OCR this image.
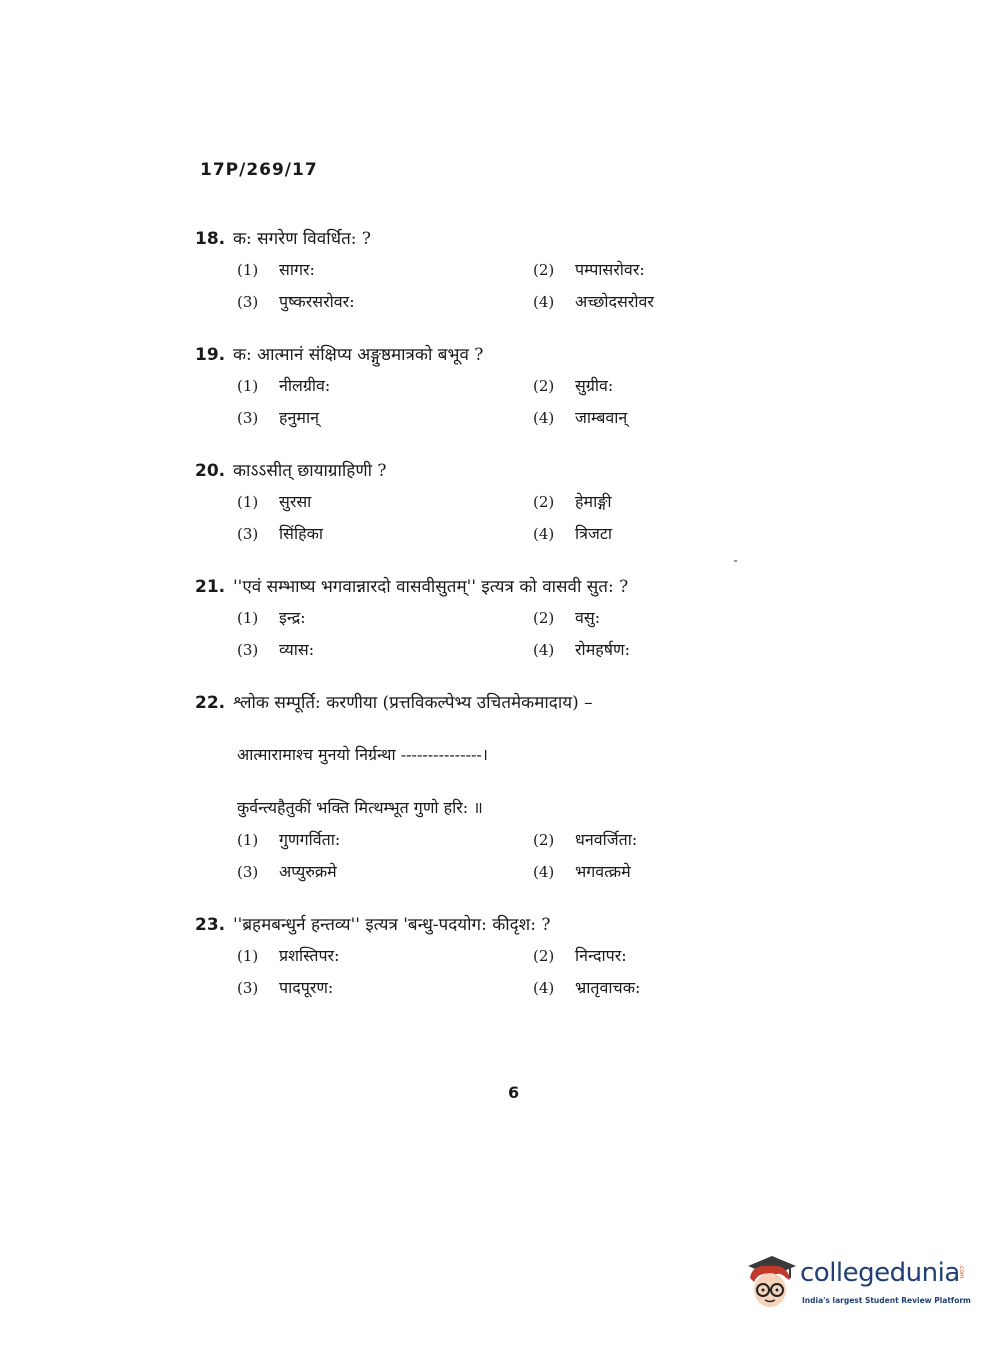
17P/269/17
18. क: सगरेण विवर्धित: ?
(1)	सागर:	(2)	पम्पासरोवर:
(3)	पुष्करसरोवर:	(4)	अच्छोदसरोवर
19. क: आत्मानं संक्षिप्य अङ्गुष्ठमात्रको बभूव ?
(1)	नीलग्रीव:	(2)	सुग्रीव:
(3)	हनुमान्	(4)	जाम्बवान्
20. काऽऽसीत् छायाग्राहिणी ?
(1)	सुरसा	(2)	हेमाङ्गी
(3)	सिंहिका	(4)	त्रिजटा
21. ''एवं सम्भाष्य भगवान्नारदो वासवीसुतम्'' इत्यत्र को वासवी सुत: ?
(1)	इन्द्र:	(2)	वसु:
(3)	व्यास:	(4)	रोमहर्षण:
22. श्लोक सम्पूर्ति: करणीया (प्रत्तविकल्पेभ्य उचितमेकमादाय) –
आत्मारामाश्च मुनयो निर्ग्रन्था ---------------।
कुर्वन्त्यहैतुकीं भक्ति मित्थम्भूत गुणो हरि: ॥
(1)	गुणगर्विता:	(2)	धनवर्जिता:
(3)	अप्युरुक्रमे	(4)	भगवत्क्रमे
23. ''ब्रहमबन्धुर्न हन्तव्य'' इत्यत्र 'बन्धु-पदयोग: कीदृश: ?
(1)	प्रशस्तिपर:	(2)	निन्दापर:
(3)	पादपूरण:	(4)	भ्रातृवाचक:
6
collegedunia
.com
India's largest Student Review Platform
